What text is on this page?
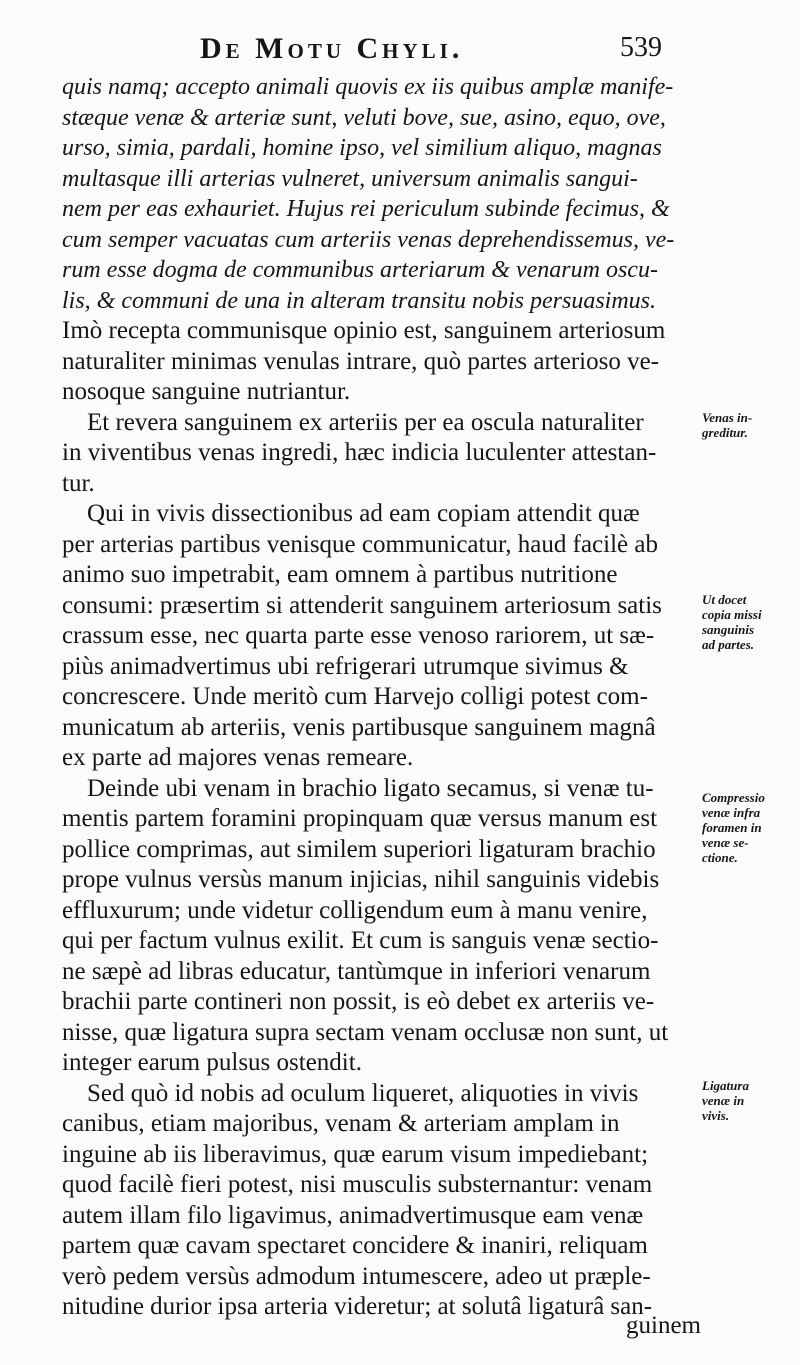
De Motu Chyli.	539
quis namq; accepto animali quovis ex iis quibus amplæ manife-
stæque venæ & arteriæ sunt, veluti bove, sue, asino, equo, ove,
urso, simia, pardali, homine ipso, vel similium aliquo, magnas
multasque illi arterias vulneret, universum animalis sangui-
nem per eas exhauriet. Hujus rei periculum subinde fecimus, &
cum semper vacuatas cum arteriis venas deprehendissemus, ve-
rum esse dogma de communibus arteriarum & venarum oscu-
lis, & communi de una in alteram transitu nobis persuasimus.
Imò recepta communisque opinio est, sanguinem arteriosum
naturaliter minimas venulas intrare, quò partes arterioso ve-
nosoque sanguine nutriantur.
Et revera sanguinem ex arteriis per ea oscula naturaliter
in viventibus venas ingredi, hæc indicia luculenter attestan-
tur.
Qui in vivis dissectionibus ad eam copiam attendit quæ
per arterias partibus venisque communicatur, haud facilè ab
animo suo impetrabit, eam omnem à partibus nutritione
consumi: præsertim si attenderit sanguinem arteriosum satis
crassum esse, nec quarta parte esse venoso rariorem, ut sæ-
piùs animadvertimus ubi refrigerari utrumque sivimus &
concrescere. Unde meritò cum Harvejo colligi potest com-
municatum ab arteriis, venis partibusque sanguinem magnâ
ex parte ad majores venas remeare.
Deinde ubi venam in brachio ligato secamus, si venæ tu-
mentis partem foramini propinquam quæ versus manum est
pollice comprimas, aut similem superiori ligaturam brachio
prope vulnus versùs manum injicias, nihil sanguinis videbis
effluxurum; unde videtur colligendum eum à manu venire,
qui per factum vulnus exilit. Et cum is sanguis venæ sectio-
ne sæpè ad libras educatur, tantùmque in inferiori venarum
brachii parte contineri non possit, is eò debet ex arteriis ve-
nisse, quæ ligatura supra sectam venam occlusæ non sunt, ut
integer earum pulsus ostendit.
Sed quò id nobis ad oculum liqueret, aliquoties in vivis
canibus, etiam majoribus, venam & arteriam amplam in
inguine ab iis liberavimus, quæ earum visum impediebant;
quod facilè fieri potest, nisi musculis substernantur: venam
autem illam filo ligavimus, animadvertimusque eam venæ
partem quæ cavam spectaret concidere & inaniri, reliquam
verò pedem versùs admodum intumescere, adeo ut præple-
nitudine durior ipsa arteria videretur; at solutâ ligaturâ san-
Venas in-
greditur.
Ut docet
copia missi
sanguinis
ad partes.
Compressio
venæ infra
foramen in
venæ se-
ctione.
Ligatura
venæ in
vivis.
guinem
